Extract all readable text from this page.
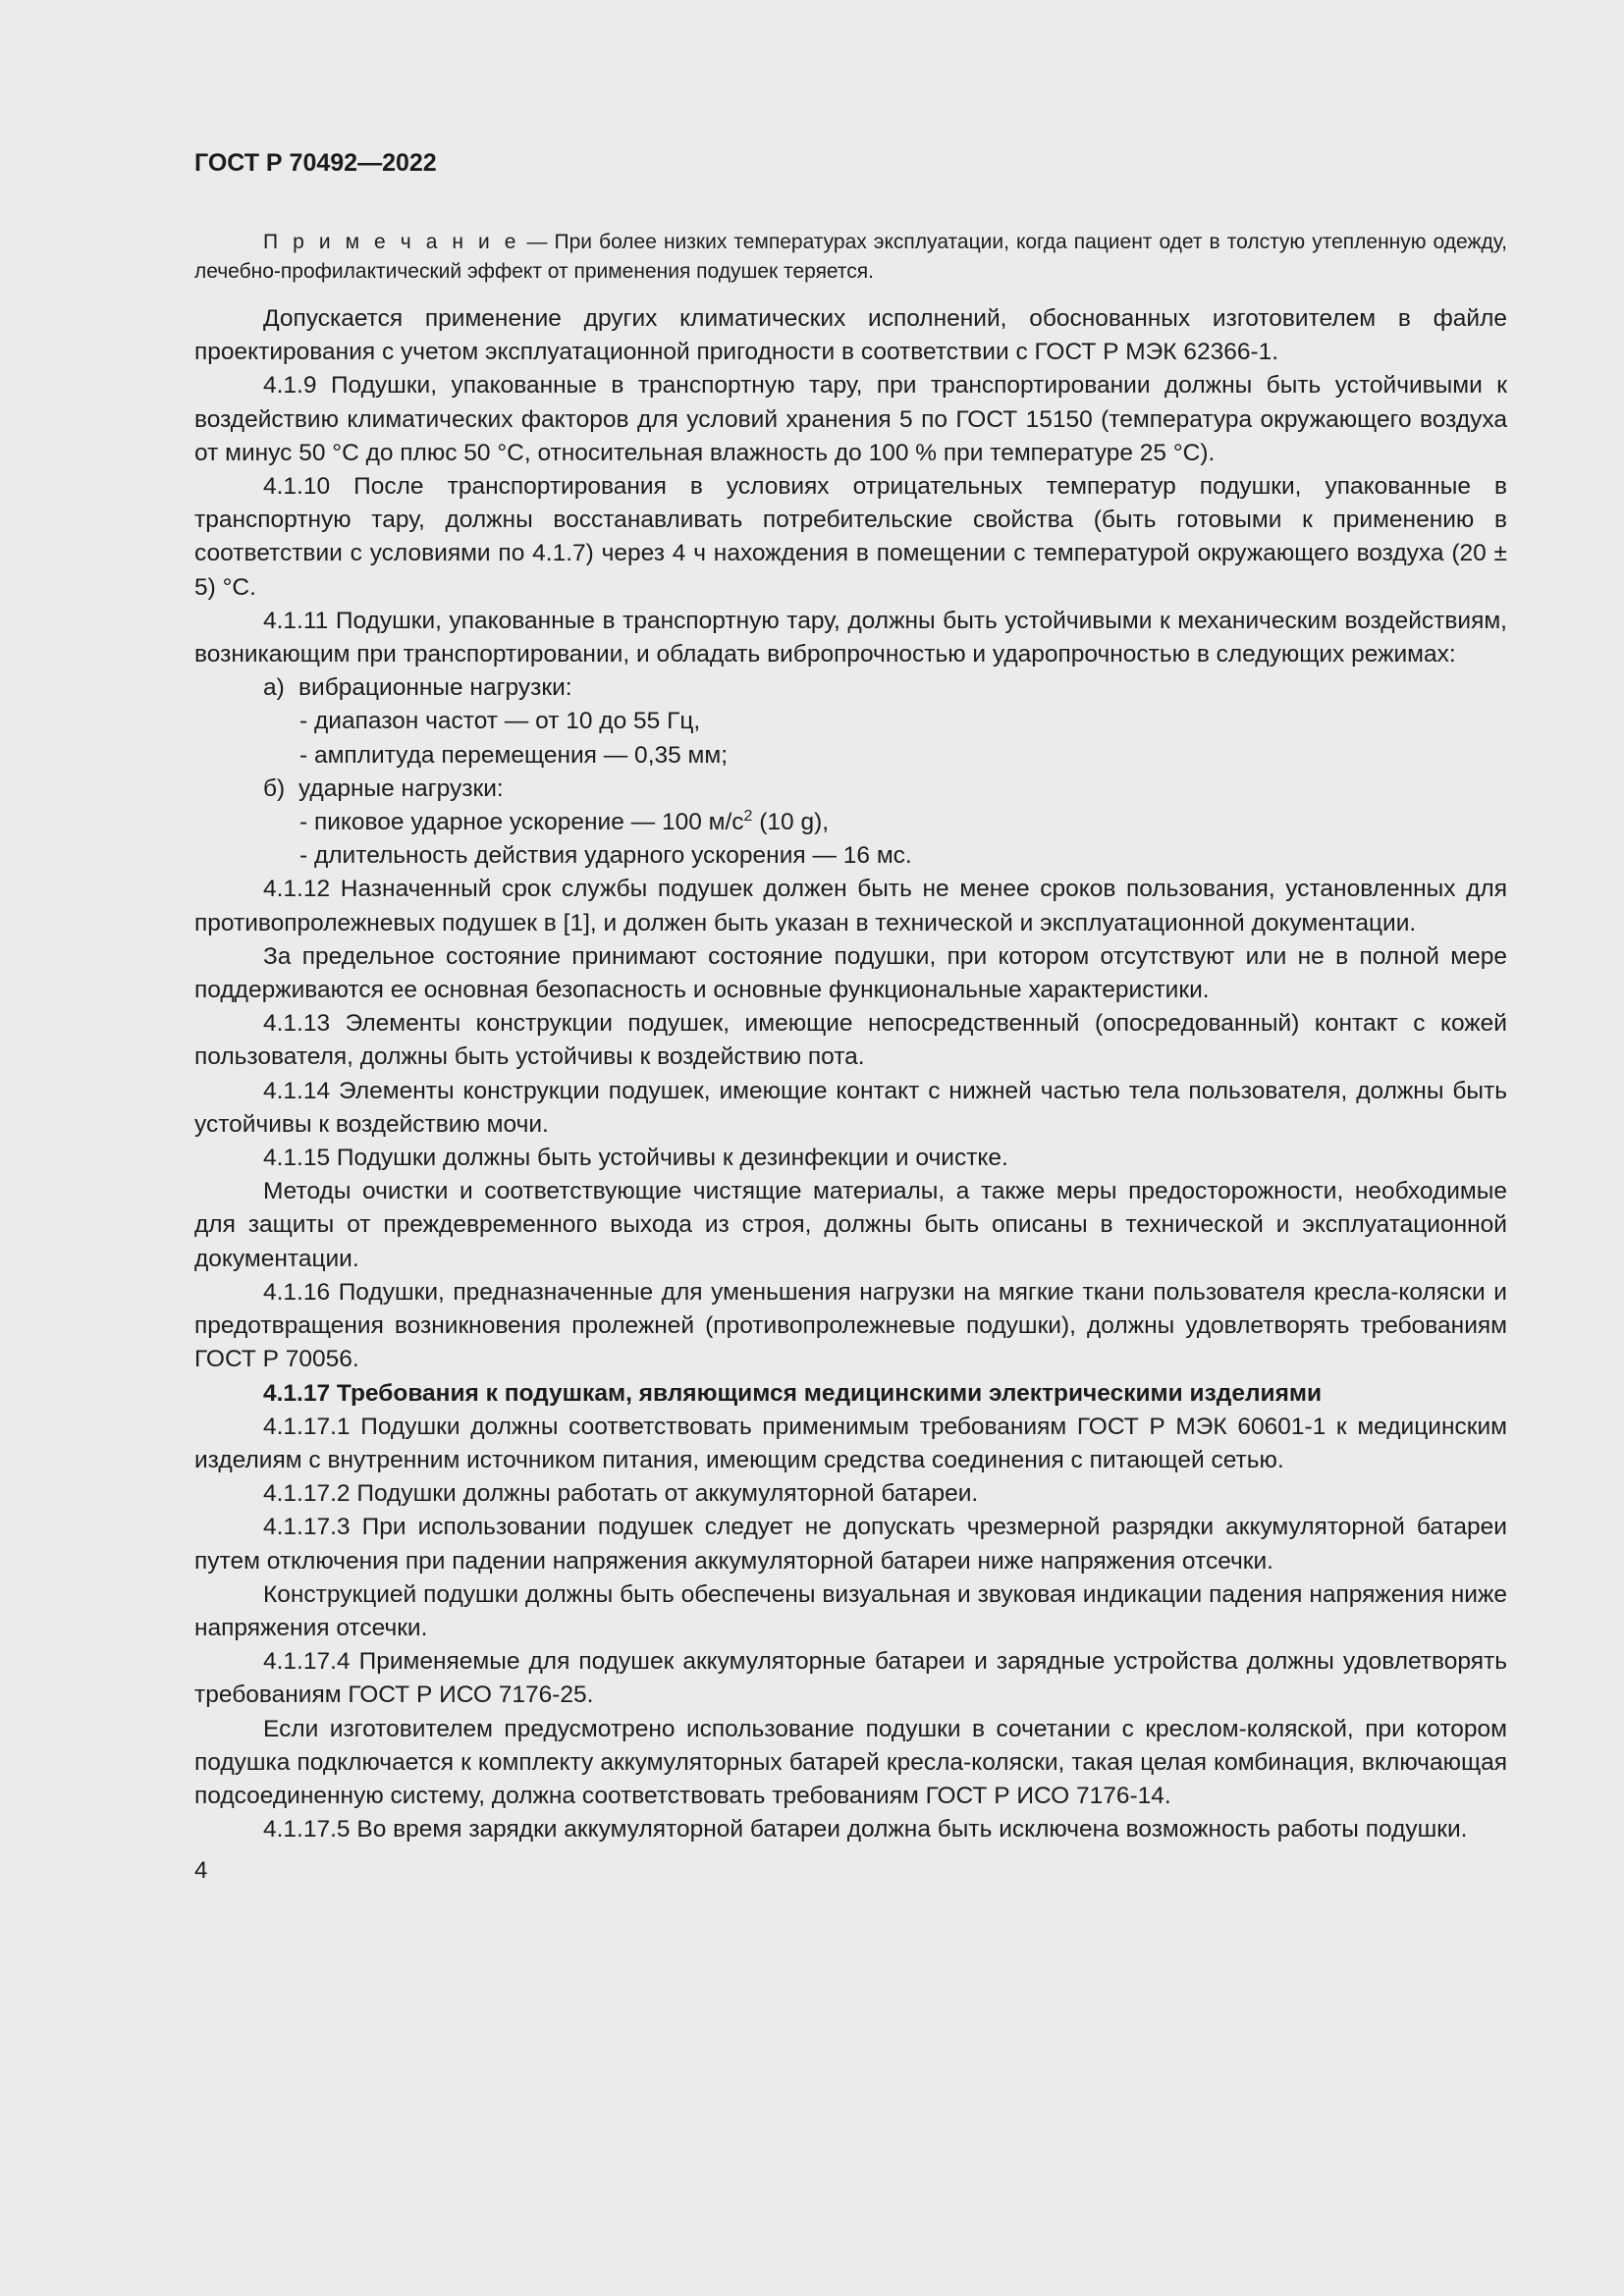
ГОСТ Р 70492—2022
П р и м е ч а н и е — При более низких температурах эксплуатации, когда пациент одет в толстую утепленную одежду, лечебно-профилактический эффект от применения подушек теряется.

Допускается применение других климатических исполнений, обоснованных изготовителем в файле проектирования с учетом эксплуатационной пригодности в соответствии с ГОСТ Р МЭК 62366-1.

4.1.9 Подушки, упакованные в транспортную тару, при транспортировании должны быть устойчивыми к воздействию климатических факторов для условий хранения 5 по ГОСТ 15150 (температура окружающего воздуха от минус 50 °С до плюс 50 °С, относительная влажность до 100 % при температуре 25 °С).

4.1.10 После транспортирования в условиях отрицательных температур подушки, упакованные в транспортную тару, должны восстанавливать потребительские свойства (быть готовыми к применению в соответствии с условиями по 4.1.7) через 4 ч нахождения в помещении с температурой окружающего воздуха (20 ± 5) °С.

4.1.11 Подушки, упакованные в транспортную тару, должны быть устойчивыми к механическим воздействиям, возникающим при транспортировании, и обладать вибропрочностью и ударопрочностью в следующих режимах:

а) вибрационные нагрузки:
- диапазон частот — от 10 до 55 Гц,
- амплитуда перемещения — 0,35 мм;
б) ударные нагрузки:
- пиковое ударное ускорение — 100 $м/с^2$ (10 g),
- длительность действия ударного ускорения — 16 мс.

4.1.12 Назначенный срок службы подушек должен быть не менее сроков пользования, установленных для противопролежневых подушек в [1], и должен быть указан в технической и эксплуатационной документации.

За предельное состояние принимают состояние подушки, при котором отсутствуют или не в полной мере поддерживаются ее основная безопасность и основные функциональные характеристики.

4.1.13 Элементы конструкции подушек, имеющие непосредственный (опосредованный) контакт с кожей пользователя, должны быть устойчивы к воздействию пота.

4.1.14 Элементы конструкции подушек, имеющие контакт с нижней частью тела пользователя, должны быть устойчивы к воздействию мочи.

4.1.15 Подушки должны быть устойчивы к дезинфекции и очистке.

Методы очистки и соответствующие чистящие материалы, а также меры предосторожности, необходимые для защиты от преждевременного выхода из строя, должны быть описаны в технической и эксплуатационной документации.

4.1.16 Подушки, предназначенные для уменьшения нагрузки на мягкие ткани пользователя кресла-коляски и предотвращения возникновения пролежней (противопролежневые подушки), должны удовлетворять требованиям ГОСТ Р 70056.

4.1.17 Требования к подушкам, являющимся медицинскими электрическими изделиями

4.1.17.1 Подушки должны соответствовать применимым требованиям ГОСТ Р МЭК 60601-1 к медицинским изделиям с внутренним источником питания, имеющим средства соединения с питающей сетью.

4.1.17.2 Подушки должны работать от аккумуляторной батареи.

4.1.17.3 При использовании подушек следует не допускать чрезмерной разрядки аккумуляторной батареи путем отключения при падении напряжения аккумуляторной батареи ниже напряжения отсечки.

Конструкцией подушки должны быть обеспечены визуальная и звуковая индикации падения напряжения ниже напряжения отсечки.

4.1.17.4 Применяемые для подушек аккумуляторные батареи и зарядные устройства должны удовлетворять требованиям ГОСТ Р ИСО 7176-25.

Если изготовителем предусмотрено использование подушки в сочетании с креслом-коляской, при котором подушка подключается к комплекту аккумуляторных батарей кресла-коляски, такая целая комбинация, включающая подсоединенную систему, должна соответствовать требованиям ГОСТ Р ИСО 7176-14.

4.1.17.5 Во время зарядки аккумуляторной батареи должна быть исключена возможность работы подушки.

4
